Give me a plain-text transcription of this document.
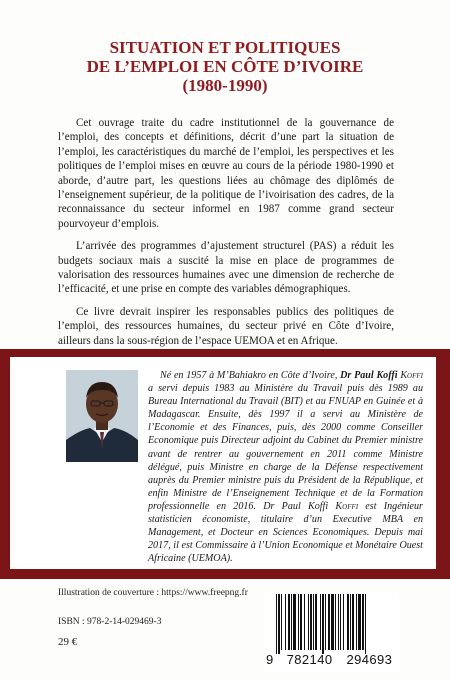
SITUATION ET POLITIQUES
DE L’EMPLOI EN CÔTE D’IVOIRE
(1980-1990)

Cet ouvrage traite du cadre institutionnel de la gouvernance de l’emploi, des concepts et définitions, décrit d’une part la situation de l’emploi, les caractéristiques du marché de l’emploi, les perspectives et les politiques de l’emploi mises en œuvre au cours de la période 1980-1990 et aborde, d’autre part, les questions liées au chômage des diplômés de l’enseignement supérieur, de la politique de l’ivoirisation des cadres, de la reconnaissance du secteur informel en 1987 comme grand secteur pourvoyeur d’emplois.

L’arrivée des programmes d’ajustement structurel (PAS) a réduit les budgets sociaux mais a suscité la mise en place de programmes de valorisation des ressources humaines avec une dimension de recherche de l’efficacité, et une prise en compte des variables démographiques.

Ce livre devrait inspirer les responsables publics des politiques de l’emploi, des ressources humaines, du secteur privé en Côte d’Ivoire, ailleurs dans la sous-région de l’espace UEMOA et en Afrique.

Né en 1957 à M’Bahiakro en Côte d’Ivoire, Dr Paul Koffi Koffi a servi depuis 1983 au Ministère du Travail puis dès 1989 au Bureau International du Travail (BIT) et au FNUAP en Guinée et à Madagascar. Ensuite, dès 1997 il a servi au Ministère de l’Economie et des Finances, puis, dès 2000 comme Conseiller Economique puis Directeur adjoint du Cabinet du Premier ministre avant de rentrer au gouvernement en 2011 comme Ministre délégué, puis Ministre en charge de la Défense respectivement auprès du Premier ministre puis du Président de la République, et enfin Ministre de l’Enseignement Technique et de la Formation professionnelle en 2016. Dr Paul Koffi Koffi est Ingénieur statisticien économiste, titulaire d’un Executive MBA en Management, et Docteur en Sciences Economiques. Depuis mai 2017, il est Commissaire à l’Union Economique et Monétaire Ouest Africaine (UEMOA).
Illustration de couverture : https://www.freepng.fr
ISBN : 978-2-14-029469-3
29 €
9 782140 294693
